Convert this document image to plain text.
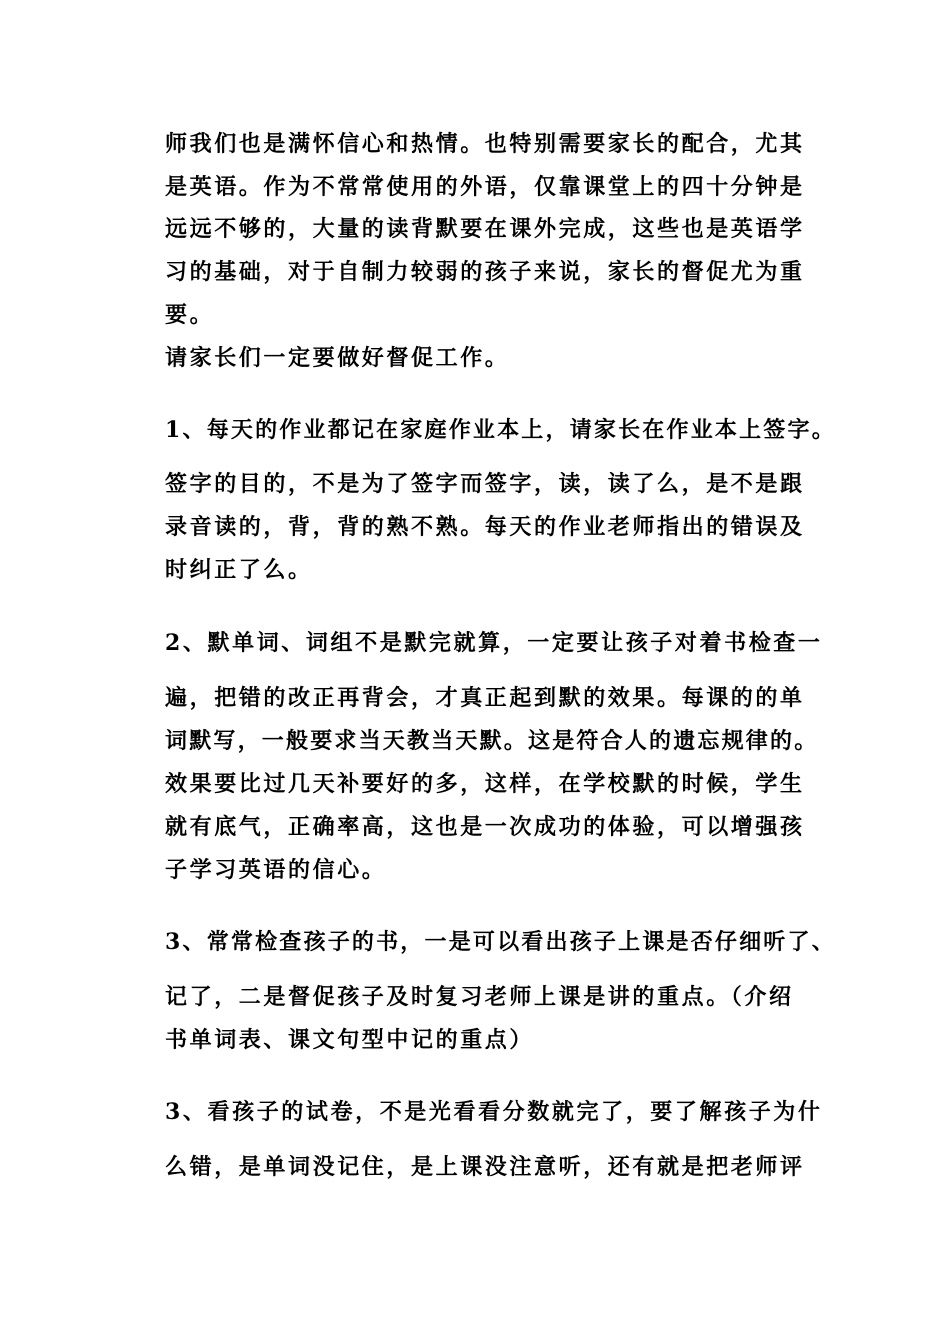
师我们也是满怀信心和热情。也特别需要家长的配合，尤其

是英语。作为不常常使用的外语，仅靠课堂上的四十分钟是

远远不够的，大量的读背默要在课外完成，这些也是英语学

习的基础，对于自制力较弱的孩子来说，家长的督促尤为重

要。

请家长们一定要做好督促工作。

1、每天的作业都记在家庭作业本上，请家长在作业本上签字。

签字的目的，不是为了签字而签字，读，读了么，是不是跟

录音读的，背，背的熟不熟。每天的作业老师指出的错误及

时纠正了么。

2、默单词、词组不是默完就算，一定要让孩子对着书检查一

遍，把错的改正再背会，才真正起到默的效果。每课的的单

词默写，一般要求当天教当天默。这是符合人的遗忘规律的。

效果要比过几天补要好的多，这样，在学校默的时候，学生

就有底气，正确率高，这也是一次成功的体验，可以增强孩

子学习英语的信心。

3、常常检查孩子的书，一是可以看出孩子上课是否仔细听了、

记了，二是督促孩子及时复习老师上课是讲的重点。（介绍

书单词表、课文句型中记的重点）

3、看孩子的试卷，不是光看看分数就完了，要了解孩子为什

么错，是单词没记住，是上课没注意听，还有就是把老师评
